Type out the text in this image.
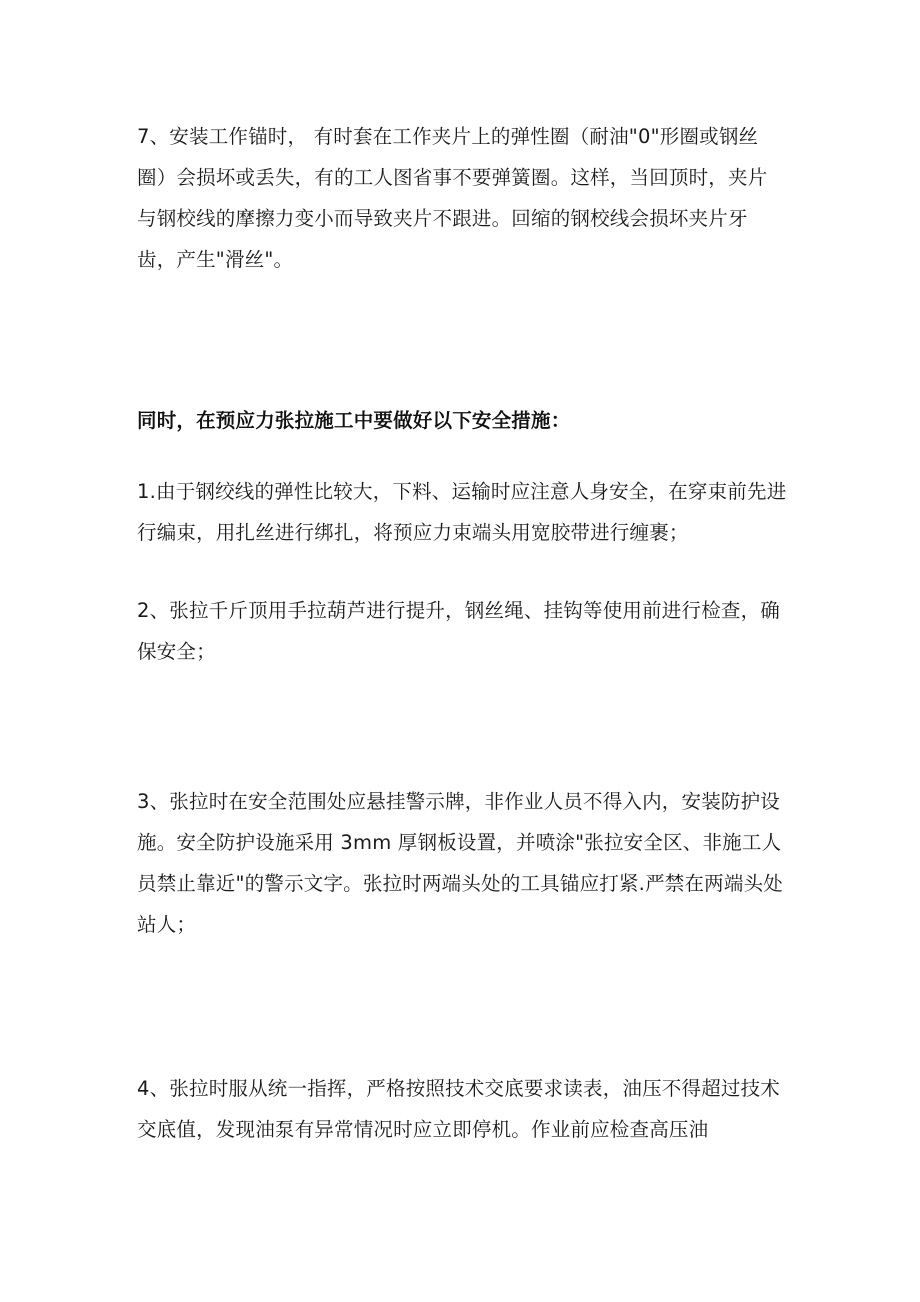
7、安装工作锚时， 有时套在工作夹片上的弹性圈（耐油"0"形圈或钢丝圈）会损坏或丢失，有的工人图省事不要弹簧圈。这样，当回顶时，夹片与钢校线的摩擦力变小而导致夹片不跟进。回缩的钢校线会损坏夹片牙齿，产生"滑丝"。

同时，在预应力张拉施工中要做好以下安全措施：

1.由于钢绞线的弹性比较大，下料、运输时应注意人身安全，在穿束前先进行编束，用扎丝进行绑扎，将预应力束端头用宽胶带进行缠裹；

2、张拉千斤顶用手拉葫芦进行提升，钢丝绳、挂钩等使用前进行检查，确保安全；

3、张拉时在安全范围处应悬挂警示牌，非作业人员不得入内，安装防护设施。安全防护设施采用 3mm 厚钢板设置，并喷涂"张拉安全区、非施工人员禁止靠近"的警示文字。张拉时两端头处的工具锚应打紧.严禁在两端头处站人；

4、张拉时服从统一指挥，严格按照技术交底要求读表，油压不得超过技术交底值，发现油泵有异常情况时应立即停机。作业前应检查高压油
